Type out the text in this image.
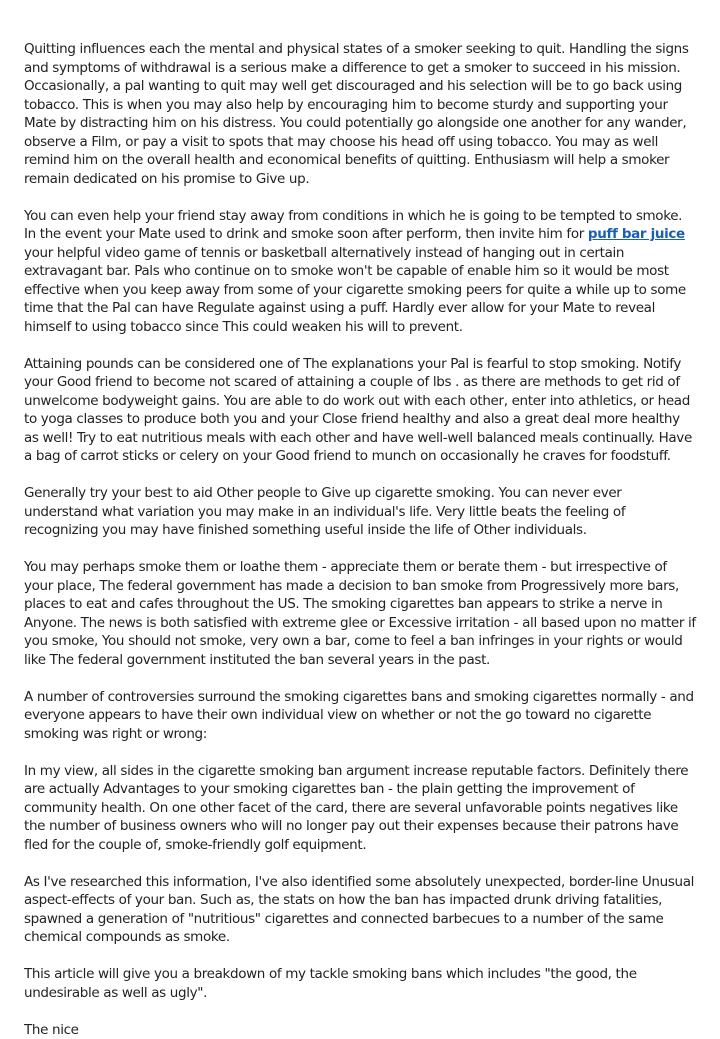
Quitting influences each the mental and physical states of a smoker seeking to quit. Handling the signs and symptoms of withdrawal is a serious make a difference to get a smoker to succeed in his mission. Occasionally, a pal wanting to quit may well get discouraged and his selection will be to go back using tobacco. This is when you may also help by encouraging him to become sturdy and supporting your Mate by distracting him on his distress. You could potentially go alongside one another for any wander, observe a Film, or pay a visit to spots that may choose his head off using tobacco. You may as well remind him on the overall health and economical benefits of quitting. Enthusiasm will help a smoker remain dedicated on his promise to Give up.

You can even help your friend stay away from conditions in which he is going to be tempted to smoke. In the event your Mate used to drink and smoke soon after perform, then invite him for puff bar juice your helpful video game of tennis or basketball alternatively instead of hanging out in certain extravagant bar. Pals who continue on to smoke won't be capable of enable him so it would be most effective when you keep away from some of your cigarette smoking peers for quite a while up to some time that the Pal can have Regulate against using a puff. Hardly ever allow for your Mate to reveal himself to using tobacco since This could weaken his will to prevent.

Attaining pounds can be considered one of The explanations your Pal is fearful to stop smoking. Notify your Good friend to become not scared of attaining a couple of lbs . as there are methods to get rid of unwelcome bodyweight gains. You are able to do work out with each other, enter into athletics, or head to yoga classes to produce both you and your Close friend healthy and also a great deal more healthy as well! Try to eat nutritious meals with each other and have well-well balanced meals continually. Have a bag of carrot sticks or celery on your Good friend to munch on occasionally he craves for foodstuff.

Generally try your best to aid Other people to Give up cigarette smoking. You can never ever understand what variation you may make in an individual's life. Very little beats the feeling of recognizing you may have finished something useful inside the life of Other individuals.

You may perhaps smoke them or loathe them - appreciate them or berate them - but irrespective of your place, The federal government has made a decision to ban smoke from Progressively more bars, places to eat and cafes throughout the US. The smoking cigarettes ban appears to strike a nerve in Anyone. The news is both satisfied with extreme glee or Excessive irritation - all based upon no matter if you smoke, You should not smoke, very own a bar, come to feel a ban infringes in your rights or would like The federal government instituted the ban several years in the past.

A number of controversies surround the smoking cigarettes bans and smoking cigarettes normally - and everyone appears to have their own individual view on whether or not the go toward no cigarette smoking was right or wrong:

In my view, all sides in the cigarette smoking ban argument increase reputable factors. Definitely there are actually Advantages to your smoking cigarettes ban - the plain getting the improvement of community health. On one other facet of the card, there are several unfavorable points negatives like the number of business owners who will no longer pay out their expenses because their patrons have fled for the couple of, smoke-friendly golf equipment.

As I've researched this information, I've also identified some absolutely unexpected, border-line Unusual aspect-effects of your ban. Such as, the stats on how the ban has impacted drunk driving fatalities, spawned a generation of "nutritious" cigarettes and connected barbecues to a number of the same chemical compounds as smoke.

This article will give you a breakdown of my tackle smoking bans which includes "the good, the undesirable as well as ugly".

The nice
